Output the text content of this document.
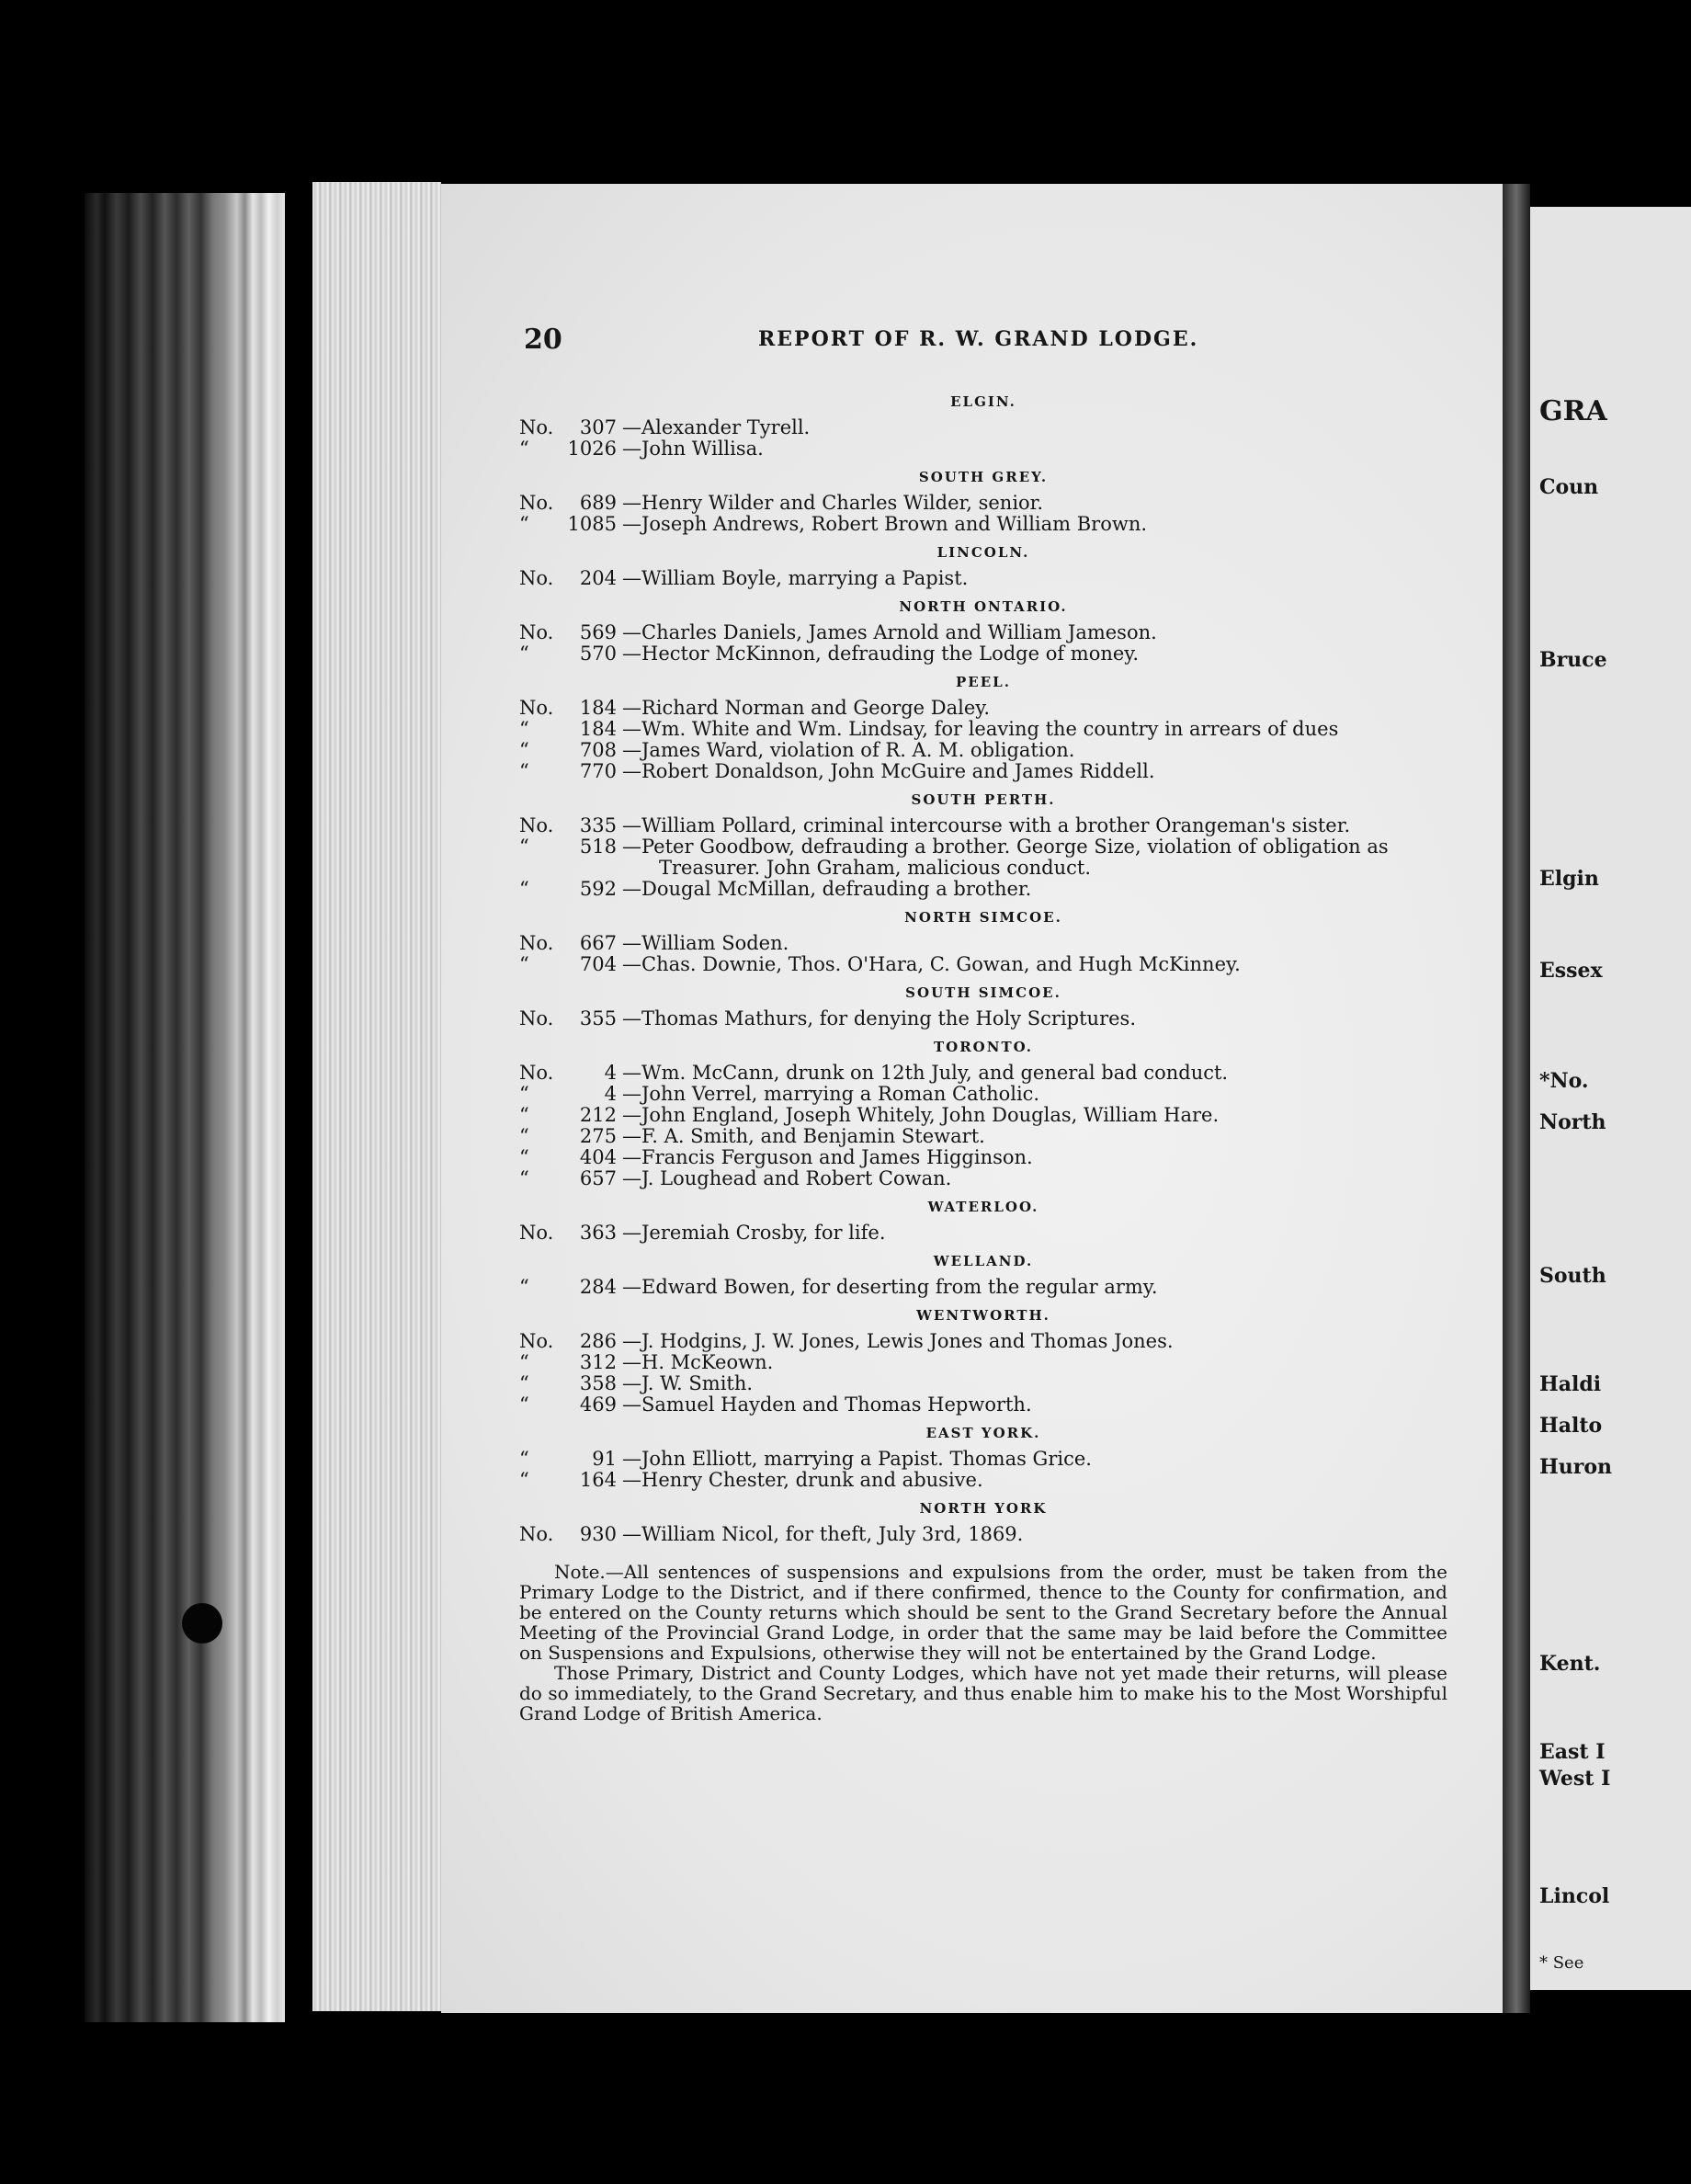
GRA
Coun
Bruce
Elgin
Essex
*No.
North
South
Haldi
Halto
Huron
Kent.
East I
West I
Lincol
* See
20	REPORT OF R. W. GRAND LODGE.
ELGIN.
No.	307 —Alexander Tyrell.
“	1026 —John Willisa.
SOUTH GREY.
No.	689 —Henry Wilder and Charles Wilder, senior.
“	1085 —Joseph Andrews, Robert Brown and William Brown.
LINCOLN.
No.	204 —William Boyle, marrying a Papist.
NORTH ONTARIO.
No.	569 —Charles Daniels, James Arnold and William Jameson.
“	570 —Hector McKinnon, defrauding the Lodge of money.
PEEL.
No.	184 —Richard Norman and George Daley.
“	184 —Wm. White and Wm. Lindsay, for leaving the country in arrears of dues
“	708 —James Ward, violation of R. A. M. obligation.
“	770 —Robert Donaldson, John McGuire and James Riddell.
SOUTH PERTH.
No.	335 —William Pollard, criminal intercourse with a brother Orangeman's sister.
“	518 —Peter Goodbow, defrauding a brother. George Size, violation of obligation as
Treasurer. John Graham, malicious conduct.
“	592 —Dougal McMillan, defrauding a brother.
NORTH SIMCOE.
No.	667 —William Soden.
“	704 —Chas. Downie, Thos. O'Hara, C. Gowan, and Hugh McKinney.
SOUTH SIMCOE.
No.	355 —Thomas Mathurs, for denying the Holy Scriptures.
TORONTO.
No.	4 —Wm. McCann, drunk on 12th July, and general bad conduct.
“	4 —John Verrel, marrying a Roman Catholic.
“	212 —John England, Joseph Whitely, John Douglas, William Hare.
“	275 —F. A. Smith, and Benjamin Stewart.
“	404 —Francis Ferguson and James Higginson.
“	657 —J. Loughead and Robert Cowan.
WATERLOO.
No.	363 —Jeremiah Crosby, for life.
WELLAND.
“	284 —Edward Bowen, for deserting from the regular army.
WENTWORTH.
No.	286 —J. Hodgins, J. W. Jones, Lewis Jones and Thomas Jones.
“	312 —H. McKeown.
“	358 —J. W. Smith.
“	469 —Samuel Hayden and Thomas Hepworth.
EAST YORK.
“	91 —John Elliott, marrying a Papist. Thomas Grice.
“	164 —Henry Chester, drunk and abusive.
NORTH YORK
No.	930 —William Nicol, for theft, July 3rd, 1869.

Note.—All sentences of suspensions and expulsions from the order, must be taken from the Primary Lodge to the District, and if there confirmed, thence to the County for confirmation, and be entered on the County returns which should be sent to the Grand Secretary before the Annual Meeting of the Provincial Grand Lodge, in order that the same may be laid before the Committee on Suspensions and Expulsions, otherwise they will not be entertained by the Grand Lodge.

Those Primary, District and County Lodges, which have not yet made their returns, will please do so immediately, to the Grand Secretary, and thus enable him to make his to the Most Worshipful Grand Lodge of British America.
